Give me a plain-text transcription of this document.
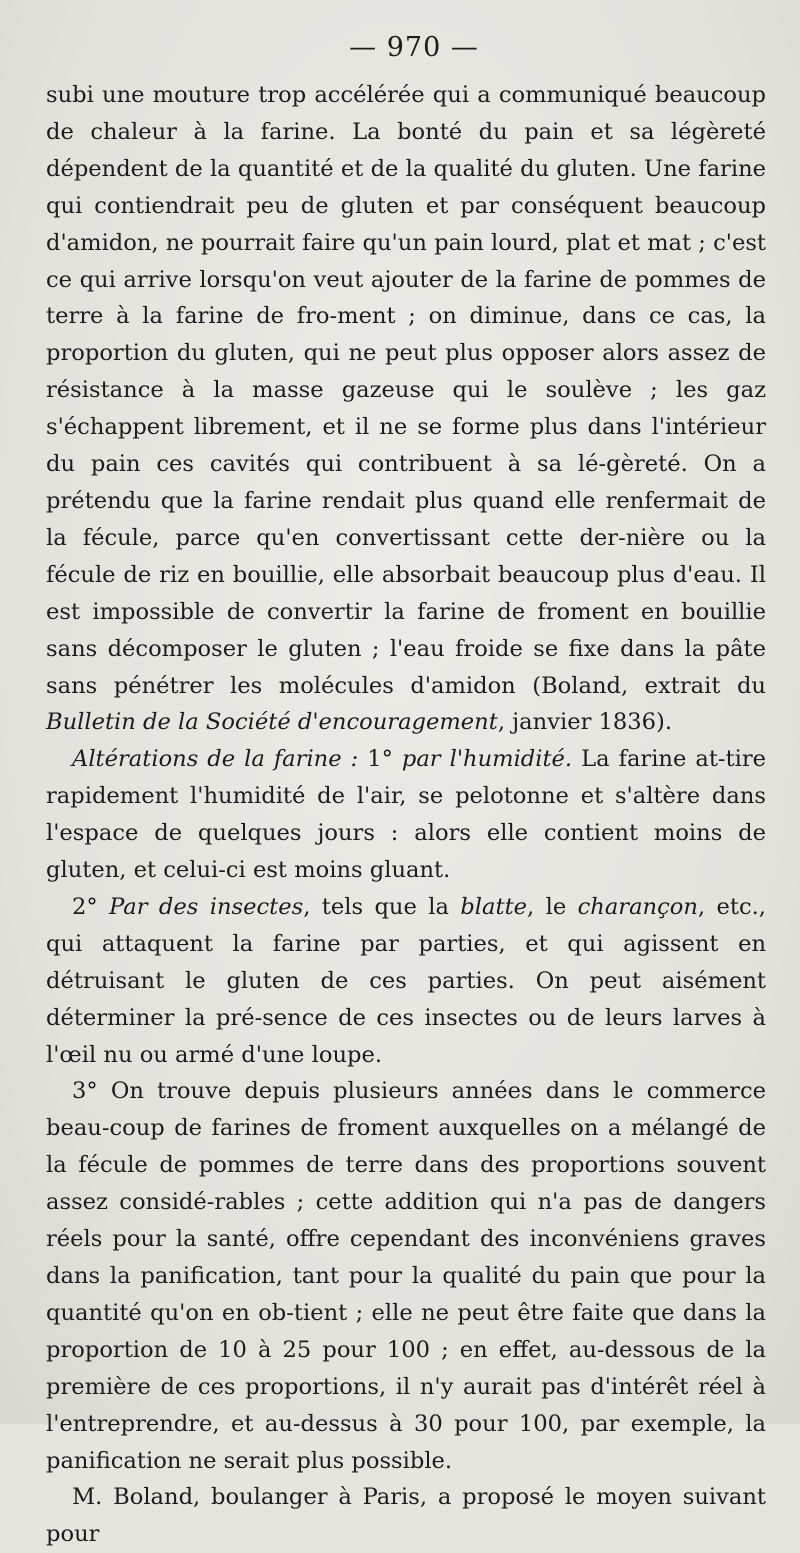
— 970 —

subi une mouture trop accélérée qui a communiqué beaucoup de chaleur à la farine. La bonté du pain et sa légèreté dépendent de la quantité et de la qualité du gluten. Une farine qui contiendrait peu de gluten et par conséquent beaucoup d'amidon, ne pourrait faire qu'un pain lourd, plat et mat ; c'est ce qui arrive lorsqu'on veut ajouter de la farine de pommes de terre à la farine de fro-ment ; on diminue, dans ce cas, la proportion du gluten, qui ne peut plus opposer alors assez de résistance à la masse gazeuse qui le soulève ; les gaz s'échappent librement, et il ne se forme plus dans l'intérieur du pain ces cavités qui contribuent à sa lé-gèreté. On a prétendu que la farine rendait plus quand elle renfermait de la fécule, parce qu'en convertissant cette der-nière ou la fécule de riz en bouillie, elle absorbait beaucoup plus d'eau. Il est impossible de convertir la farine de froment en bouillie sans décomposer le gluten ; l'eau froide se fixe dans la pâte sans pénétrer les molécules d'amidon (Boland, extrait du Bulletin de la Société d'encouragement, janvier 1836).

Altérations de la farine : 1° par l'humidité. La farine at-tire rapidement l'humidité de l'air, se pelotonne et s'altère dans l'espace de quelques jours : alors elle contient moins de gluten, et celui-ci est moins gluant.

2° Par des insectes, tels que la blatte, le charançon, etc., qui attaquent la farine par parties, et qui agissent en détruisant le gluten de ces parties. On peut aisément déterminer la pré-sence de ces insectes ou de leurs larves à l'œil nu ou armé d'une loupe.

3° On trouve depuis plusieurs années dans le commerce beau-coup de farines de froment auxquelles on a mélangé de la fécule de pommes de terre dans des proportions souvent assez considé-rables ; cette addition qui n'a pas de dangers réels pour la santé, offre cependant des inconvéniens graves dans la panification, tant pour la qualité du pain que pour la quantité qu'on en ob-tient ; elle ne peut être faite que dans la proportion de 10 à 25 pour 100 ; en effet, au-dessous de la première de ces proportions, il n'y aurait pas d'intérêt réel à l'entreprendre, et au-dessus à 30 pour 100, par exemple, la panification ne serait plus possible.

M. Boland, boulanger à Paris, a proposé le moyen suivant pour
